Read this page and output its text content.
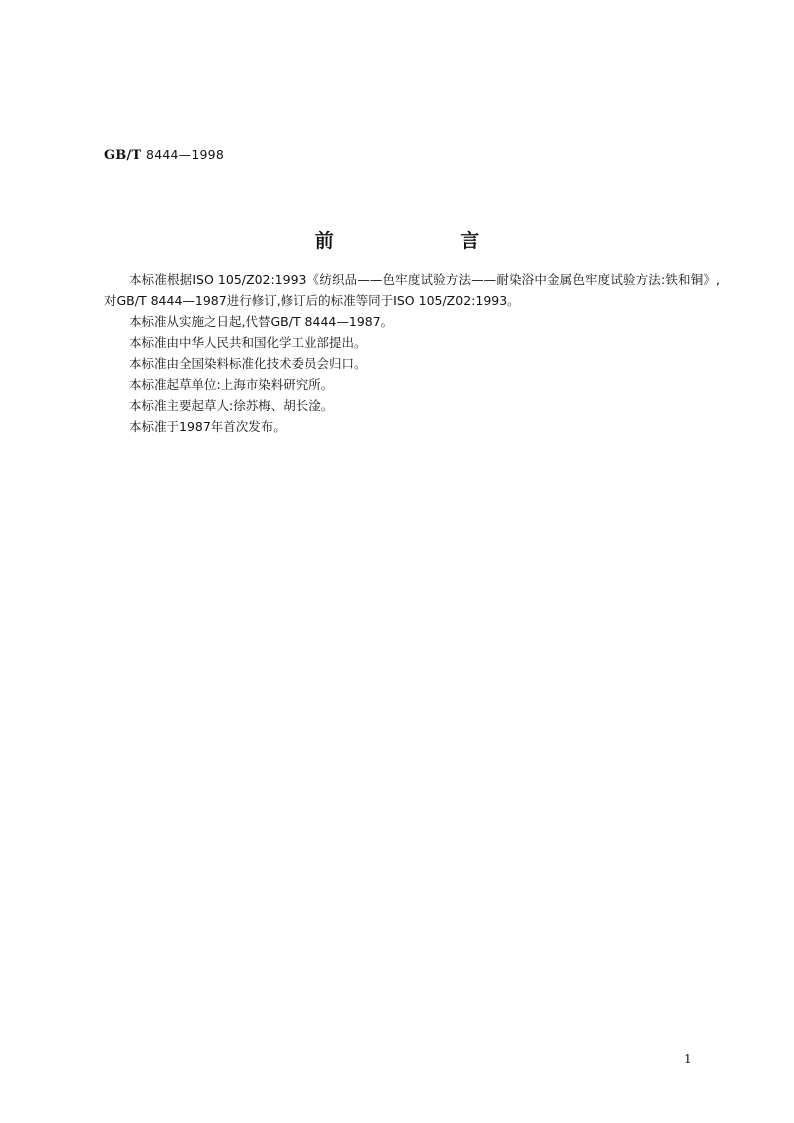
GB/T 8444—1998
前 言

本标准根据ISO 105/Z02:1993《纺织品——色牢度试验方法——耐染浴中金属色牢度试验方法:铁和铜》,对GB/T 8444—1987进行修订,修订后的标准等同于ISO 105/Z02:1993。

本标准从实施之日起,代替GB/T 8444—1987。

本标准由中华人民共和国化学工业部提出。

本标准由全国染料标准化技术委员会归口。

本标准起草单位:上海市染料研究所。

本标准主要起草人:徐苏梅、胡长淦。

本标准于1987年首次发布。

1
